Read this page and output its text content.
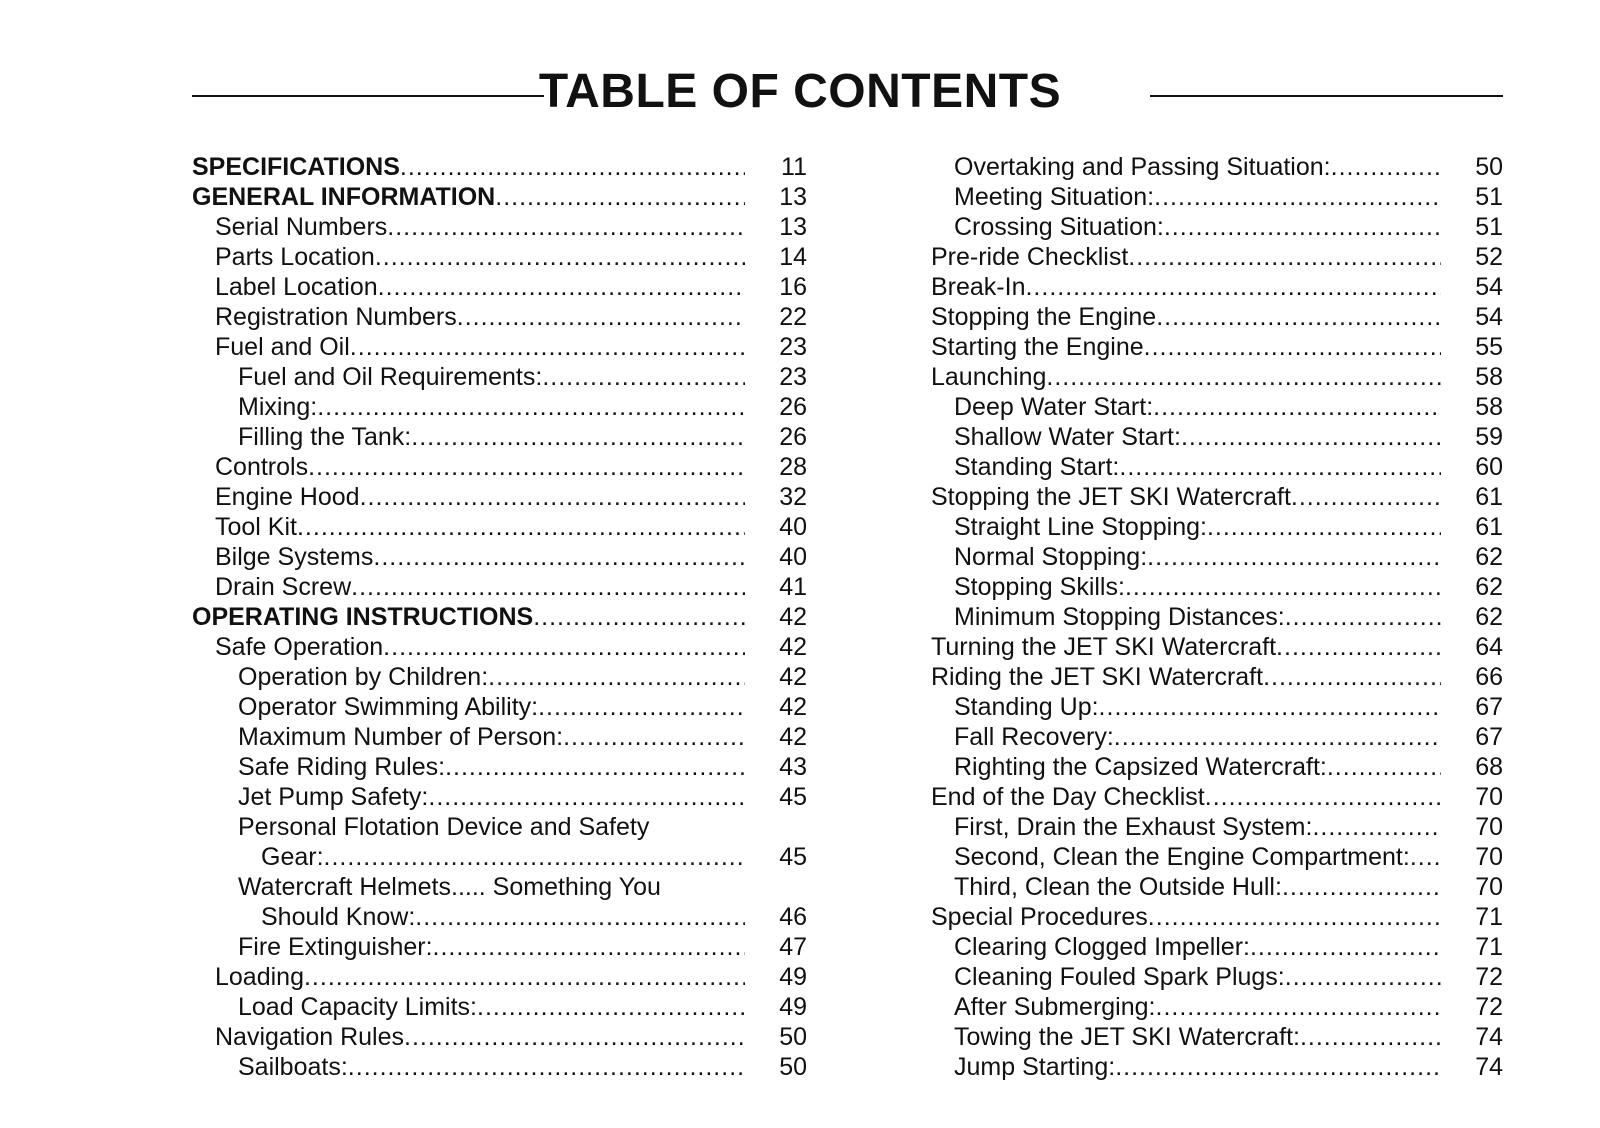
TABLE OF CONTENTS
SPECIFICATIONS .....	11
GENERAL INFORMATION .....	13
Serial Numbers .....	13
Parts Location .....	14
Label Location .....	16
Registration Numbers .....	22
Fuel and Oil .....	23
Fuel and Oil Requirements: .....	23
Mixing: .....	26
Filling the Tank: .....	26
Controls .....	28
Engine Hood .....	32
Tool Kit .....	40
Bilge Systems .....	40
Drain Screw .....	41
OPERATING INSTRUCTIONS .....	42
Safe Operation .....	42
Operation by Children: .....	42
Operator Swimming Ability: .....	42
Maximum Number of Person: .....	42
Safe Riding Rules: .....	43
Jet Pump Safety: .....	45
Personal Flotation Device and Safety
Gear: .....	45
Watercraft Helmets..... Something You
Should Know: .....	46
Fire Extinguisher: .....	47
Loading .....	49
Load Capacity Limits: .....	49
Navigation Rules .....	50
Sailboats: .....	50
Overtaking and Passing Situation: .....	50
Meeting Situation: .....	51
Crossing Situation: .....	51
Pre-ride Checklist .....	52
Break-In .....	54
Stopping the Engine .....	54
Starting the Engine .....	55
Launching .....	58
Deep Water Start: .....	58
Shallow Water Start: .....	59
Standing Start: .....	60
Stopping the JET SKI Watercraft .....	61
Straight Line Stopping: .....	61
Normal Stopping: .....	62
Stopping Skills: .....	62
Minimum Stopping Distances: .....	62
Turning the JET SKI Watercraft .....	64
Riding the JET SKI Watercraft .....	66
Standing Up: .....	67
Fall Recovery: .....	67
Righting the Capsized Watercraft: .....	68
End of the Day Checklist .....	70
First, Drain the Exhaust System: .....	70
Second, Clean the Engine Compartment: .....	70
Third, Clean the Outside Hull: .....	70
Special Procedures .....	71
Clearing Clogged Impeller: .....	71
Cleaning Fouled Spark Plugs: .....	72
After Submerging: .....	72
Towing the JET SKI Watercraft: .....	74
Jump Starting: .....	74
